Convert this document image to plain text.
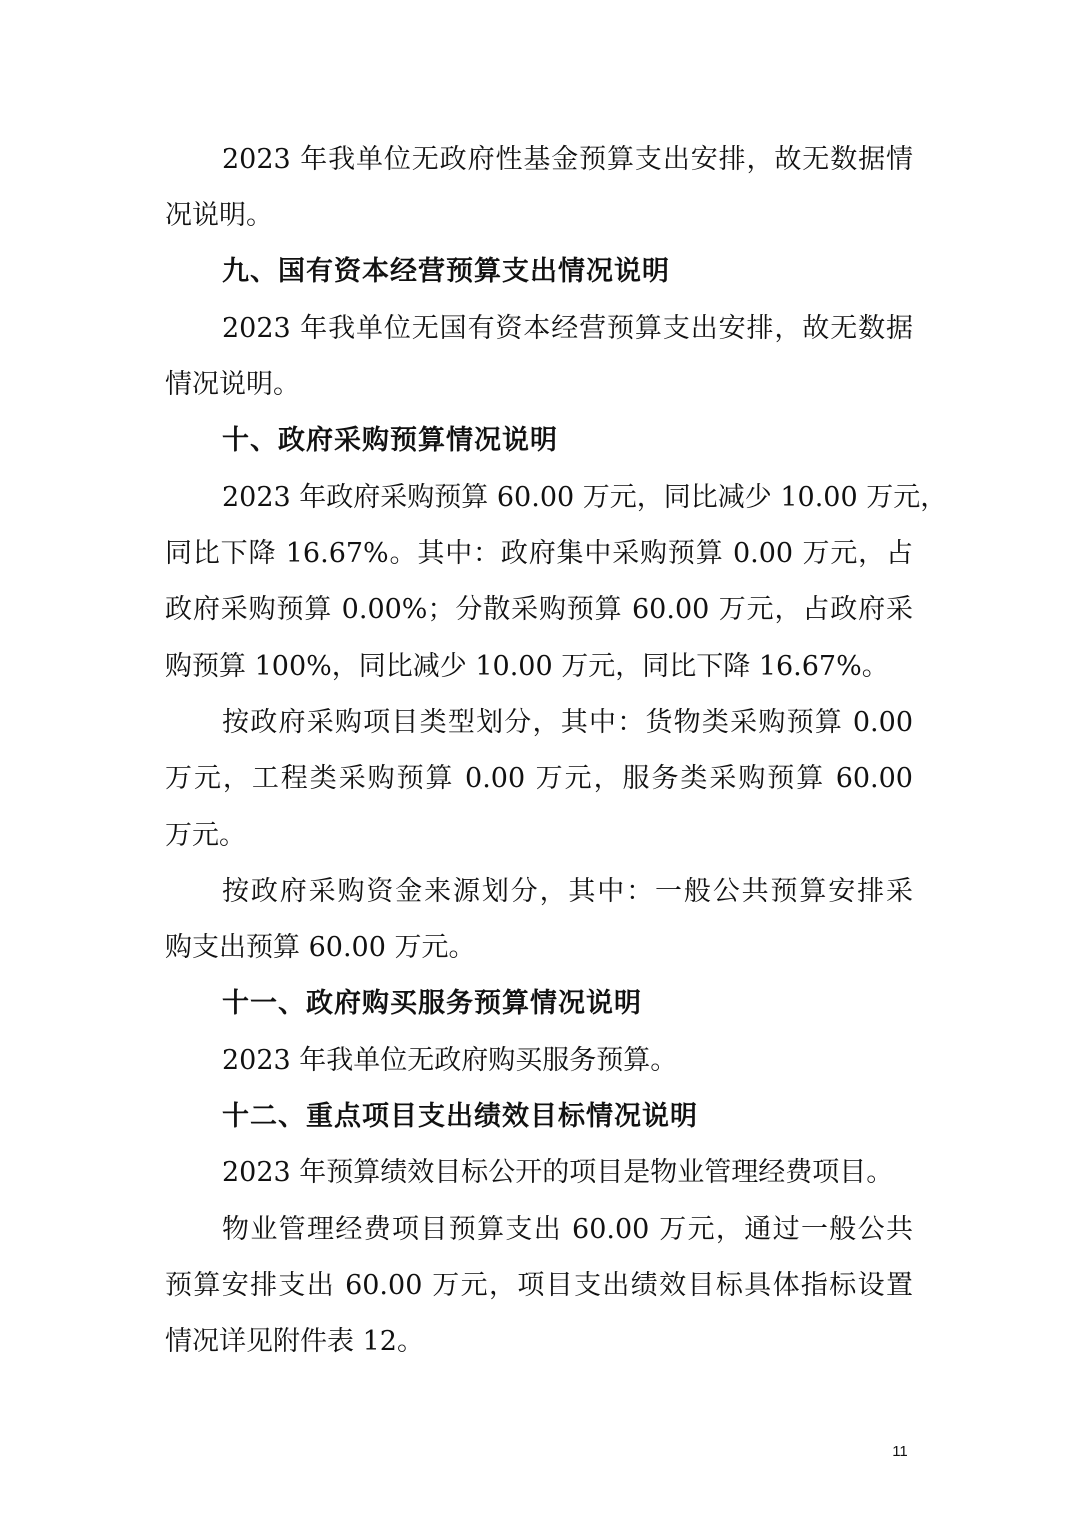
2023 年我单位无政府性基金预算支出安排，故无数据情

况说明。

九、国有资本经营预算支出情况说明

2023 年我单位无国有资本经营预算支出安排，故无数据

情况说明。

十、政府采购预算情况说明

2023 年政府采购预算 60.00 万元，同比减少 10.00 万元，

同比下降 16.67%。其中：政府集中采购预算 0.00 万元，占

政府采购预算 0.00%；分散采购预算 60.00 万元，占政府采

购预算 100%，同比减少 10.00 万元，同比下降 16.67%。

按政府采购项目类型划分，其中：货物类采购预算 0.00

万元，工程类采购预算 0.00 万元，服务类采购预算 60.00

万元。

按政府采购资金来源划分，其中：一般公共预算安排采

购支出预算 60.00 万元。

十一、政府购买服务预算情况说明

2023 年我单位无政府购买服务预算。

十二、重点项目支出绩效目标情况说明

2023 年预算绩效目标公开的项目是物业管理经费项目。

物业管理经费项目预算支出 60.00 万元，通过一般公共

预算安排支出 60.00 万元，项目支出绩效目标具体指标设置

情况详见附件表 12。

11
